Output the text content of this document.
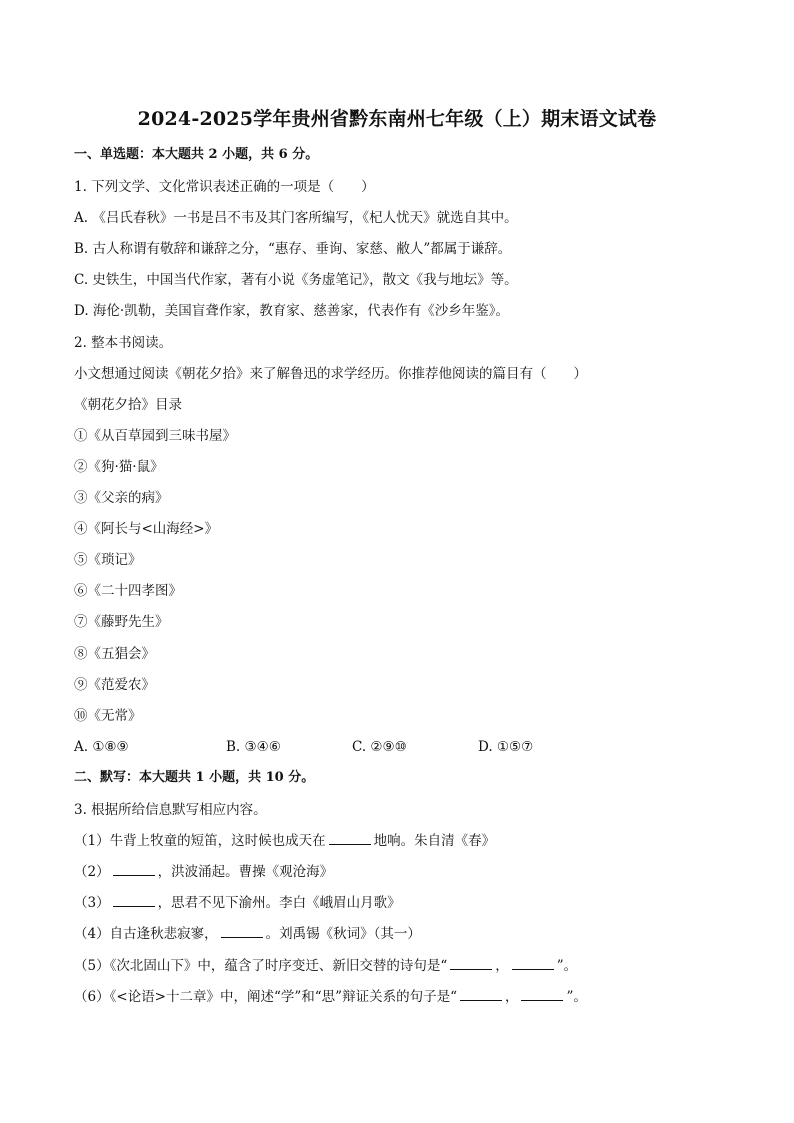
2024-2025学年贵州省黔东南州七年级（上）期末语文试卷
一、单选题：本大题共 2 小题，共 6 分。
1. 下列文学、文化常识表述正确的一项是（　　）
A. 《吕氏春秋》一书是吕不韦及其门客所编写，《杞人忧天》就选自其中。
B. 古人称谓有敬辞和谦辞之分，“惠存、垂询、家慈、敝人”都属于谦辞。
C. 史铁生，中国当代作家，著有小说《务虚笔记》，散文《我与地坛》等。
D. 海伦·凯勒，美国盲聋作家，教育家、慈善家，代表作有《沙乡年鉴》。
2. 整本书阅读。
小文想通过阅读《朝花夕拾》来了解鲁迅的求学经历。你推荐他阅读的篇目有（　　）
《朝花夕拾》目录
①《从百草园到三味书屋》
②《狗·猫·鼠》
③《父亲的病》
④《阿长与<山海经>》
⑤《琐记》
⑥《二十四孝图》
⑦《藤野先生》
⑧《五猖会》
⑨《范爱农》
⑩《无常》
A. ①⑧⑨	B. ③④⑥	C. ②⑨⑩	D. ①⑤⑦
二、默写：本大题共 1 小题，共 10 分。
3. 根据所给信息默写相应内容。
（1）牛背上牧童的短笛，这时候也成天在	地响。朱自清《春》
（2）	，洪波涌起。曹操《观沧海》
（3）	，思君不见下渝州。李白《峨眉山月歌》
（4）自古逢秋悲寂寥，	。刘禹锡《秋词》（其一）
（5）《次北固山下》中，蕴含了时序变迁、新旧交替的诗句是“	，	”。
（6）《<论语>十二章》中，阐述“学”和“思”辩证关系的句子是“	，	”。
